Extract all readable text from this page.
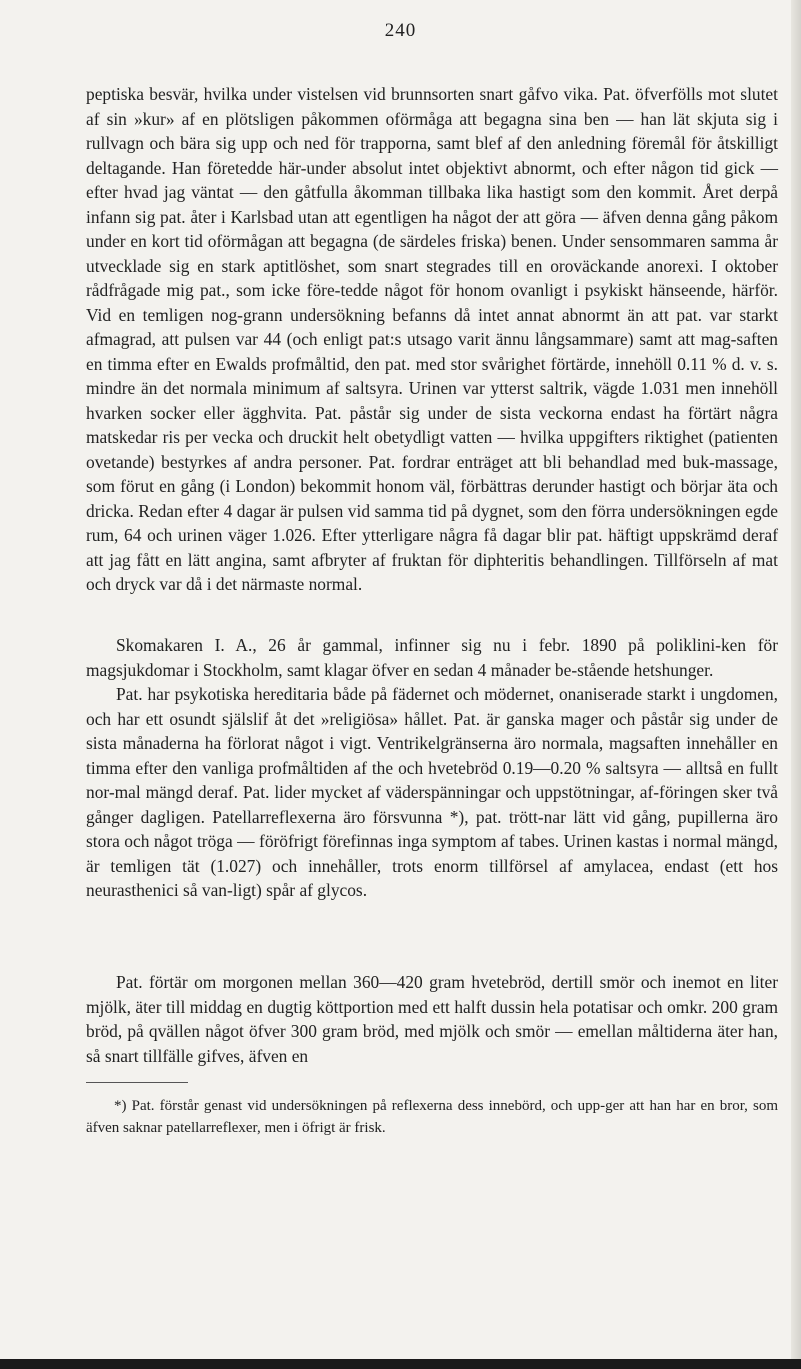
240

peptiska besvär, hvilka under vistelsen vid brunnsorten snart gåfvo vika. Pat. öfverfölls mot slutet af sin »kur» af en plötsligen påkommen oförmåga att begagna sina ben — han lät skjuta sig i rullvagn och bära sig upp och ned för trapporna, samt blef af den anledning föremål för åtskilligt deltagande. Han företedde här-under absolut intet objektivt abnormt, och efter någon tid gick — efter hvad jag väntat — den gåtfulla åkomman tillbaka lika hastigt som den kommit. Året derpå infann sig pat. åter i Karlsbad utan att egentligen ha något der att göra — äfven denna gång påkom under en kort tid oförmågan att begagna (de särdeles friska) benen. Under sensommaren samma år utvecklade sig en stark aptitlöshet, som snart stegrades till en oroväckande anorexi. I oktober rådfrågade mig pat., som icke före-tedde något för honom ovanligt i psykiskt hänseende, härför. Vid en temligen nog-grann undersökning befanns då intet annat abnormt än att pat. var starkt afmagrad, att pulsen var 44 (och enligt pat:s utsago varit ännu långsammare) samt att mag-saften en timma efter en Ewalds profmåltid, den pat. med stor svårighet förtärde, innehöll 0.11 % d. v. s. mindre än det normala minimum af saltsyra. Urinen var ytterst saltrik, vägde 1.031 men innehöll hvarken socker eller ägghvita. Pat. påstår sig under de sista veckorna endast ha förtärt några matskedar ris per vecka och druckit helt obetydligt vatten — hvilka uppgifters riktighet (patienten ovetande) bestyrkes af andra personer. Pat. fordrar enträget att bli behandlad med buk-massage, som förut en gång (i London) bekommit honom väl, förbättras derunder hastigt och börjar äta och dricka. Redan efter 4 dagar är pulsen vid samma tid på dygnet, som den förra undersökningen egde rum, 64 och urinen väger 1.026. Efter ytterligare några få dagar blir pat. häftigt uppskrämd deraf att jag fått en lätt angina, samt afbryter af fruktan för diphteritis behandlingen. Tillförseln af mat och dryck var då i det närmaste normal.

Skomakaren I. A., 26 år gammal, infinner sig nu i febr. 1890 på poliklini-ken för magsjukdomar i Stockholm, samt klagar öfver en sedan 4 månader be-stående hetshunger.

Pat. har psykotiska hereditaria både på fädernet och mödernet, onaniserade starkt i ungdomen, och har ett osundt själslif åt det »religiösa» hållet. Pat. är ganska mager och påstår sig under de sista månaderna ha förlorat något i vigt. Ventrikelgränserna äro normala, magsaften innehåller en timma efter den vanliga profmåltiden af the och hvetebröd 0.19—0.20 % saltsyra — alltså en fullt nor-mal mängd deraf. Pat. lider mycket af väderspänningar och uppstötningar, af-föringen sker två gånger dagligen. Patellarreflexerna äro försvunna *), pat. trött-nar lätt vid gång, pupillerna äro stora och något tröga — föröfrigt förefinnas inga symptom af tabes. Urinen kastas i normal mängd, är temligen tät (1.027) och innehåller, trots enorm tillförsel af amylacea, endast (ett hos neurasthenici så van-ligt) spår af glycos.

Pat. förtär om morgonen mellan 360—420 gram hvetebröd, dertill smör och inemot en liter mjölk, äter till middag en dugtig köttportion med ett halft dussin hela potatisar och omkr. 200 gram bröd, på qvällen något öfver 300 gram bröd, med mjölk och smör — emellan måltiderna äter han, så snart tillfälle gifves, äfven en

*) Pat. förstår genast vid undersökningen på reflexerna dess innebörd, och upp-ger att han har en bror, som äfven saknar patellarreflexer, men i öfrigt är frisk.
